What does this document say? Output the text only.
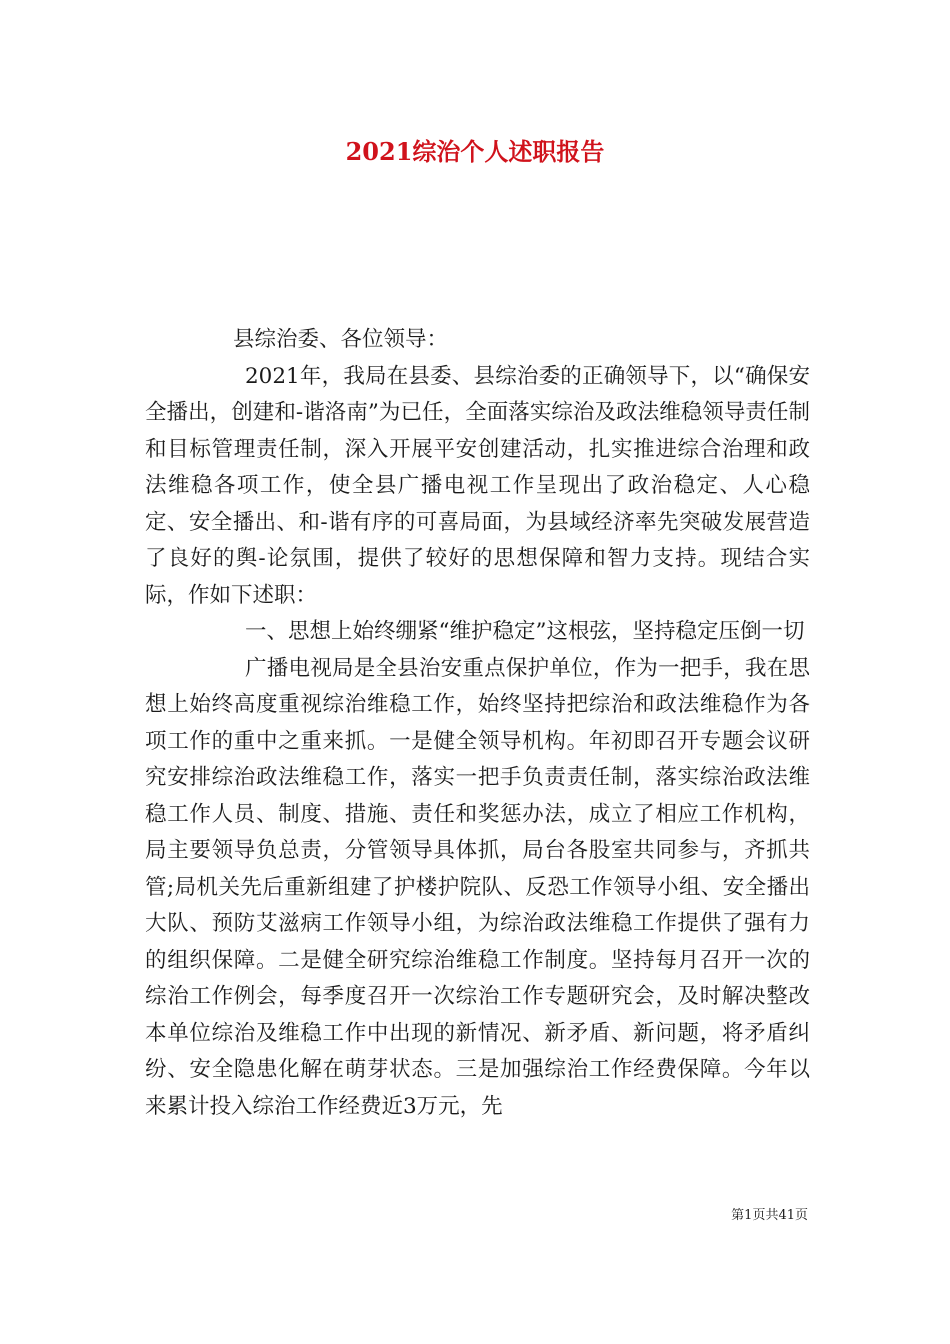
2021综治个人述职报告

县综治委、各位领导：

2021年，我局在县委、县综治委的正确领导下，以“确保安全播出，创建和-谐洛南”为已任，全面落实综治及政法维稳领导责任制和目标管理责任制，深入开展平安创建活动，扎实推进综合治理和政法维稳各项工作，使全县广播电视工作呈现出了政治稳定、人心稳定、安全播出、和-谐有序的可喜局面，为县域经济率先突破发展营造了良好的舆-论氛围，提供了较好的思想保障和智力支持。现结合实际，作如下述职：

一、思想上始终绷紧“维护稳定”这根弦，坚持稳定压倒一切

广播电视局是全县治安重点保护单位，作为一把手，我在思想上始终高度重视综治维稳工作，始终坚持把综治和政法维稳作为各项工作的重中之重来抓。一是健全领导机构。年初即召开专题会议研究安排综治政法维稳工作，落实一把手负责责任制，落实综治政法维稳工作人员、制度、措施、责任和奖惩办法，成立了相应工作机构，局主要领导负总责，分管领导具体抓，局台各股室共同参与，齐抓共管;局机关先后重新组建了护楼护院队、反恐工作领导小组、安全播出大队、预防艾滋病工作领导小组，为综治政法维稳工作提供了强有力的组织保障。二是健全研究综治维稳工作制度。坚持每月召开一次的综治工作例会，每季度召开一次综治工作专题研究会，及时解决整改本单位综治及维稳工作中出现的新情况、新矛盾、新问题，将矛盾纠纷、安全隐患化解在萌芽状态。三是加强综治工作经费保障。今年以来累计投入综治工作经费近3万元，先

第1页共41页
